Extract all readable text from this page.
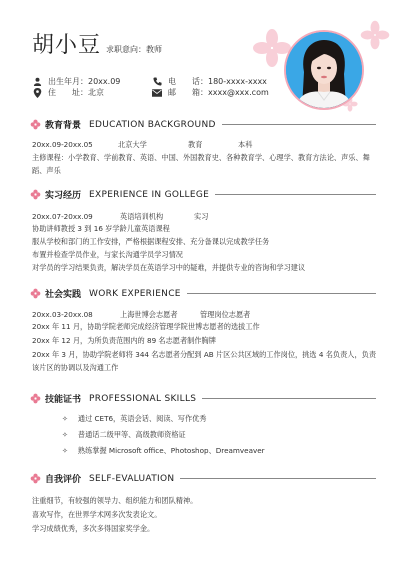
胡小豆 求职意向：教师
出生年月： 20xx.09
住　　址： 北京
电　　话： 180-xxxx-xxxx
邮　　箱： xxxx@xxx.com
教育背景 EDUCATION BACKGROUND
20xx.09-20xx.05	北京大学	教育	本科
主修课程：小学教育、学前教育、英语、中国、外国教育史、各种教育学、心理学、教育方法论、声乐、舞蹈、声乐
实习经历 EXPERIENCE IN GOLLEGE
20xx.07-20xx.09	英语培训机构	实习
协助讲师教授 3 到 16 岁学龄儿童英语课程
服从学校和部门的工作安排，严格根据课程安排、充分备课以完成教学任务
布置并检查学员作业，与家长沟通学员学习情况
对学员的学习结果负责，解决学员在英语学习中的疑难，并提供专业的咨询和学习建议
社会实践 WORK EXPERIENCE
20xx.03-20xx.08	上海世博会志愿者	管理岗位志愿者
20xx 年 11 月，协助学院老师完成经济管理学院世博志愿者的选拔工作
20xx 年 12 月，为所负责范围内的 89 名志愿者制作胸牌
20xx 年 3 月，协助学院老师将 344 名志愿者分配到 AB 片区公共区域的工作岗位，挑选 4 名负责人，负责该片区的协调以及沟通工作
技能证书 PROFESSIONAL SKILLS
✧ 通过 CET6，英语会话、阅读、写作优秀
✧ 普通话二级甲等、高级教师资格证
✧ 熟练掌握 Microsoft office、Photoshop、Dreamveaver
自我评价 SELF-EVALUATION
注重细节，有较强的领导力、组织能力和团队精神。
喜欢写作，在世界学术网多次发表论文。
学习成绩优秀，多次多得国家奖学金。
